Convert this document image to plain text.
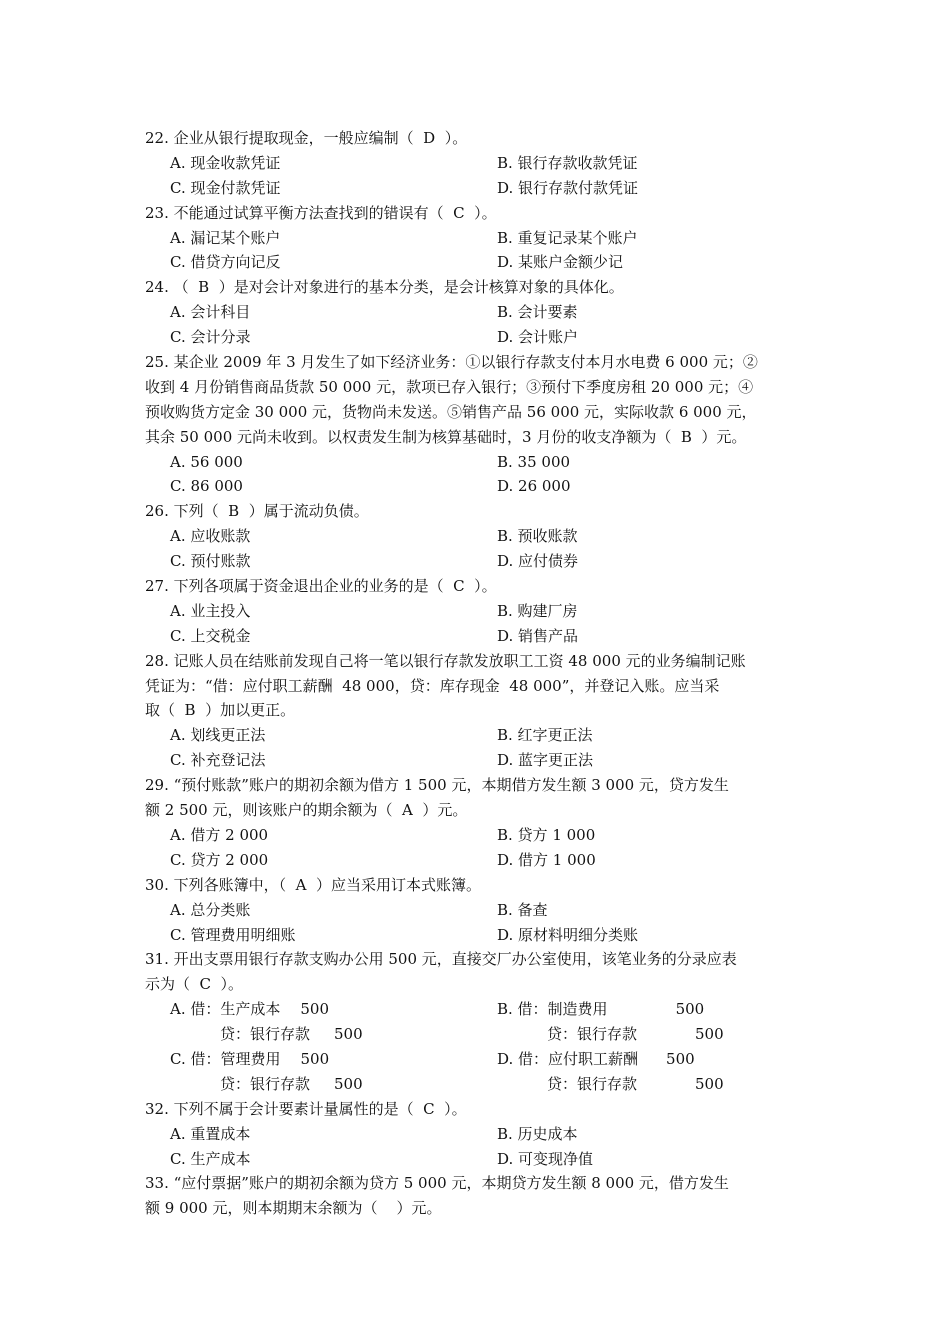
22. 企业从银行提取现金，一般应编制（  D  ）。
A. 现金收款凭证	B. 银行存款收款凭证
C. 现金付款凭证	D. 银行存款付款凭证
23. 不能通过试算平衡方法查找到的错误有（  C  ）。
A. 漏记某个账户	B. 重复记录某个账户
C. 借贷方向记反	D. 某账户金额少记
24. （  B  ）是对会计对象进行的基本分类，是会计核算对象的具体化。
A. 会计科目	B. 会计要素
C. 会计分录	D. 会计账户
25. 某企业 2009 年 3 月发生了如下经济业务：①以银行存款支付本月水电费 6 000 元；②
收到 4 月份销售商品货款 50 000 元，款项已存入银行；③预付下季度房租 20 000 元；④
预收购货方定金 30 000 元，货物尚未发送。⑤销售产品 56 000 元，实际收款 6 000 元，
其余 50 000 元尚未收到。以权责发生制为核算基础时，3 月份的收支净额为（  B  ）元。
A. 56 000	B. 35 000
C. 86 000	D. 26 000
26. 下列（  B  ）属于流动负债。
A. 应收账款	B. 预收账款
C. 预付账款	D. 应付债券
27. 下列各项属于资金退出企业的业务的是（  C  ）。
A. 业主投入	B. 购建厂房
C. 上交税金	D. 销售产品
28. 记账人员在结账前发现自己将一笔以银行存款发放职工工资 48 000 元的业务编制记账
凭证为：“借：应付职工薪酬  48 000，贷：库存现金  48 000”，并登记入账。应当采
取（  B  ）加以更正。
A. 划线更正法	B. 红字更正法
C. 补充登记法	D. 蓝字更正法
29. “预付账款”账户的期初余额为借方 1 500 元，本期借方发生额 3 000 元，贷方发生
额 2 500 元，则该账户的期余额为（  A  ）元。
A. 借方 2 000	B. 贷方 1 000
C. 贷方 2 000	D. 借方 1 000
30. 下列各账簿中，（  A  ）应当采用订本式账簿。
A. 总分类账	B. 备查
C. 管理费用明细账	D. 原材料明细分类账
31. 开出支票用银行存款支购办公用 500 元，直接交厂办公室使用，该笔业务的分录应表
示为（  C  ）。
A. 借：生产成本 500	B. 借：制造费用	500
贷：银行存款 500	贷：银行存款	500
C. 借：管理费用 500	D. 借：应付职工薪酬 500
贷：银行存款 500	贷：银行存款	500
32. 下列不属于会计要素计量属性的是（  C  ）。
A. 重置成本	B. 历史成本
C. 生产成本	D. 可变现净值
33. “应付票据”账户的期初余额为贷方 5 000 元，本期贷方发生额 8 000 元，借方发生
额 9 000 元，则本期期末余额为（    ）元。
